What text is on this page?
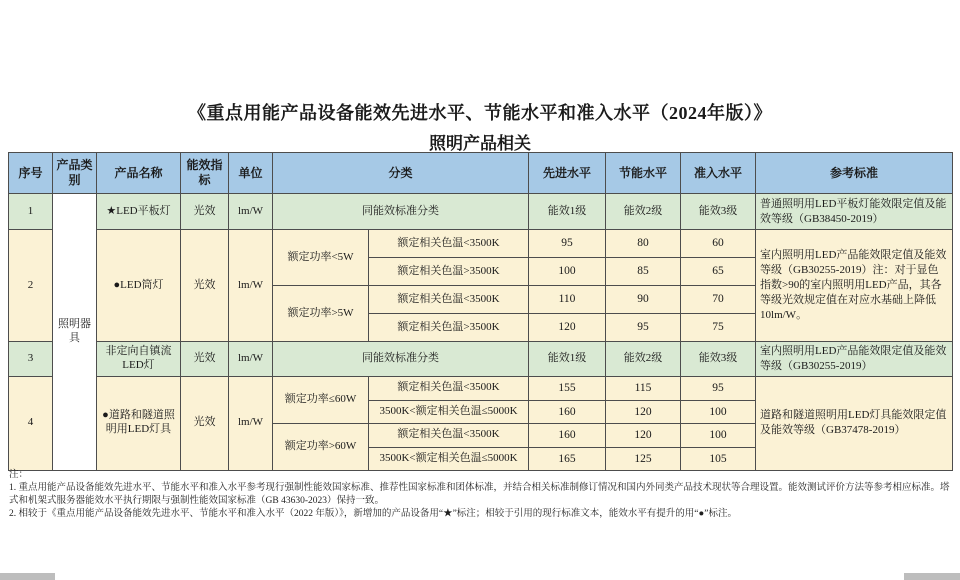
《重点用能产品设备能效先进水平、节能水平和准入水平（2024年版）》
照明产品相关
序号	产品类别	产品名称	能效指标	单位	分类		先进水平	节能水平	准入水平	参考标准
1	照明器具	★LED平板灯	光效	lm/W	同能效标准分类		能效1级	能效2级	能效3级	普通照明用LED平板灯能效限定值及能效等级（GB38450-2019）
2		●LED筒灯	光效	lm/W	额定功率<5W	额定相关色温<3500K	95	80	60	室内照明用LED产品能效限定值及能效等级（GB30255-2019）注：对于显色指数>90的室内照明用LED产品，其各等级光效规定值在对应水基础上降低10lm/W。
						额定相关色温>3500K	100	85	65	
					额定功率>5W	额定相关色温<3500K	110	90	70	
						额定相关色温>3500K	120	95	75	
3		非定向自镇流LED灯	光效	lm/W	同能效标准分类		能效1级	能效2级	能效3级	室内照明用LED产品能效限定值及能效等级（GB30255-2019）
4		●道路和隧道照明用LED灯具	光效	lm/W	额定功率≤60W	额定相关色温<3500K	155	115	95	道路和隧道照明用LED灯具能效限定值及能效等级（GB37478-2019）
						3500K<额定相关色温≤5000K	160	120	100	
					额定功率>60W	额定相关色温<3500K	160	120	100	
						3500K<额定相关色温≤5000K	165	125	105	

注：

1. 重点用能产品设备能效先进水平、节能水平和准入水平参考现行强制性能效国家标准、推荐性国家标准和团体标准，并结合相关标准制修订情况和国内外同类产品技术现状等合理设置。能效测试评价方法等参考相应标准。塔式和机架式服务器能效水平执行期限与强制性能效国家标准（GB 43630-2023）保持一致。

2. 相较于《重点用能产品设备能效先进水平、节能水平和准入水平（2022 年版）》，新增加的产品设备用“★”标注；相较于引用的现行标准文本，能效水平有提升的用“●”标注。
